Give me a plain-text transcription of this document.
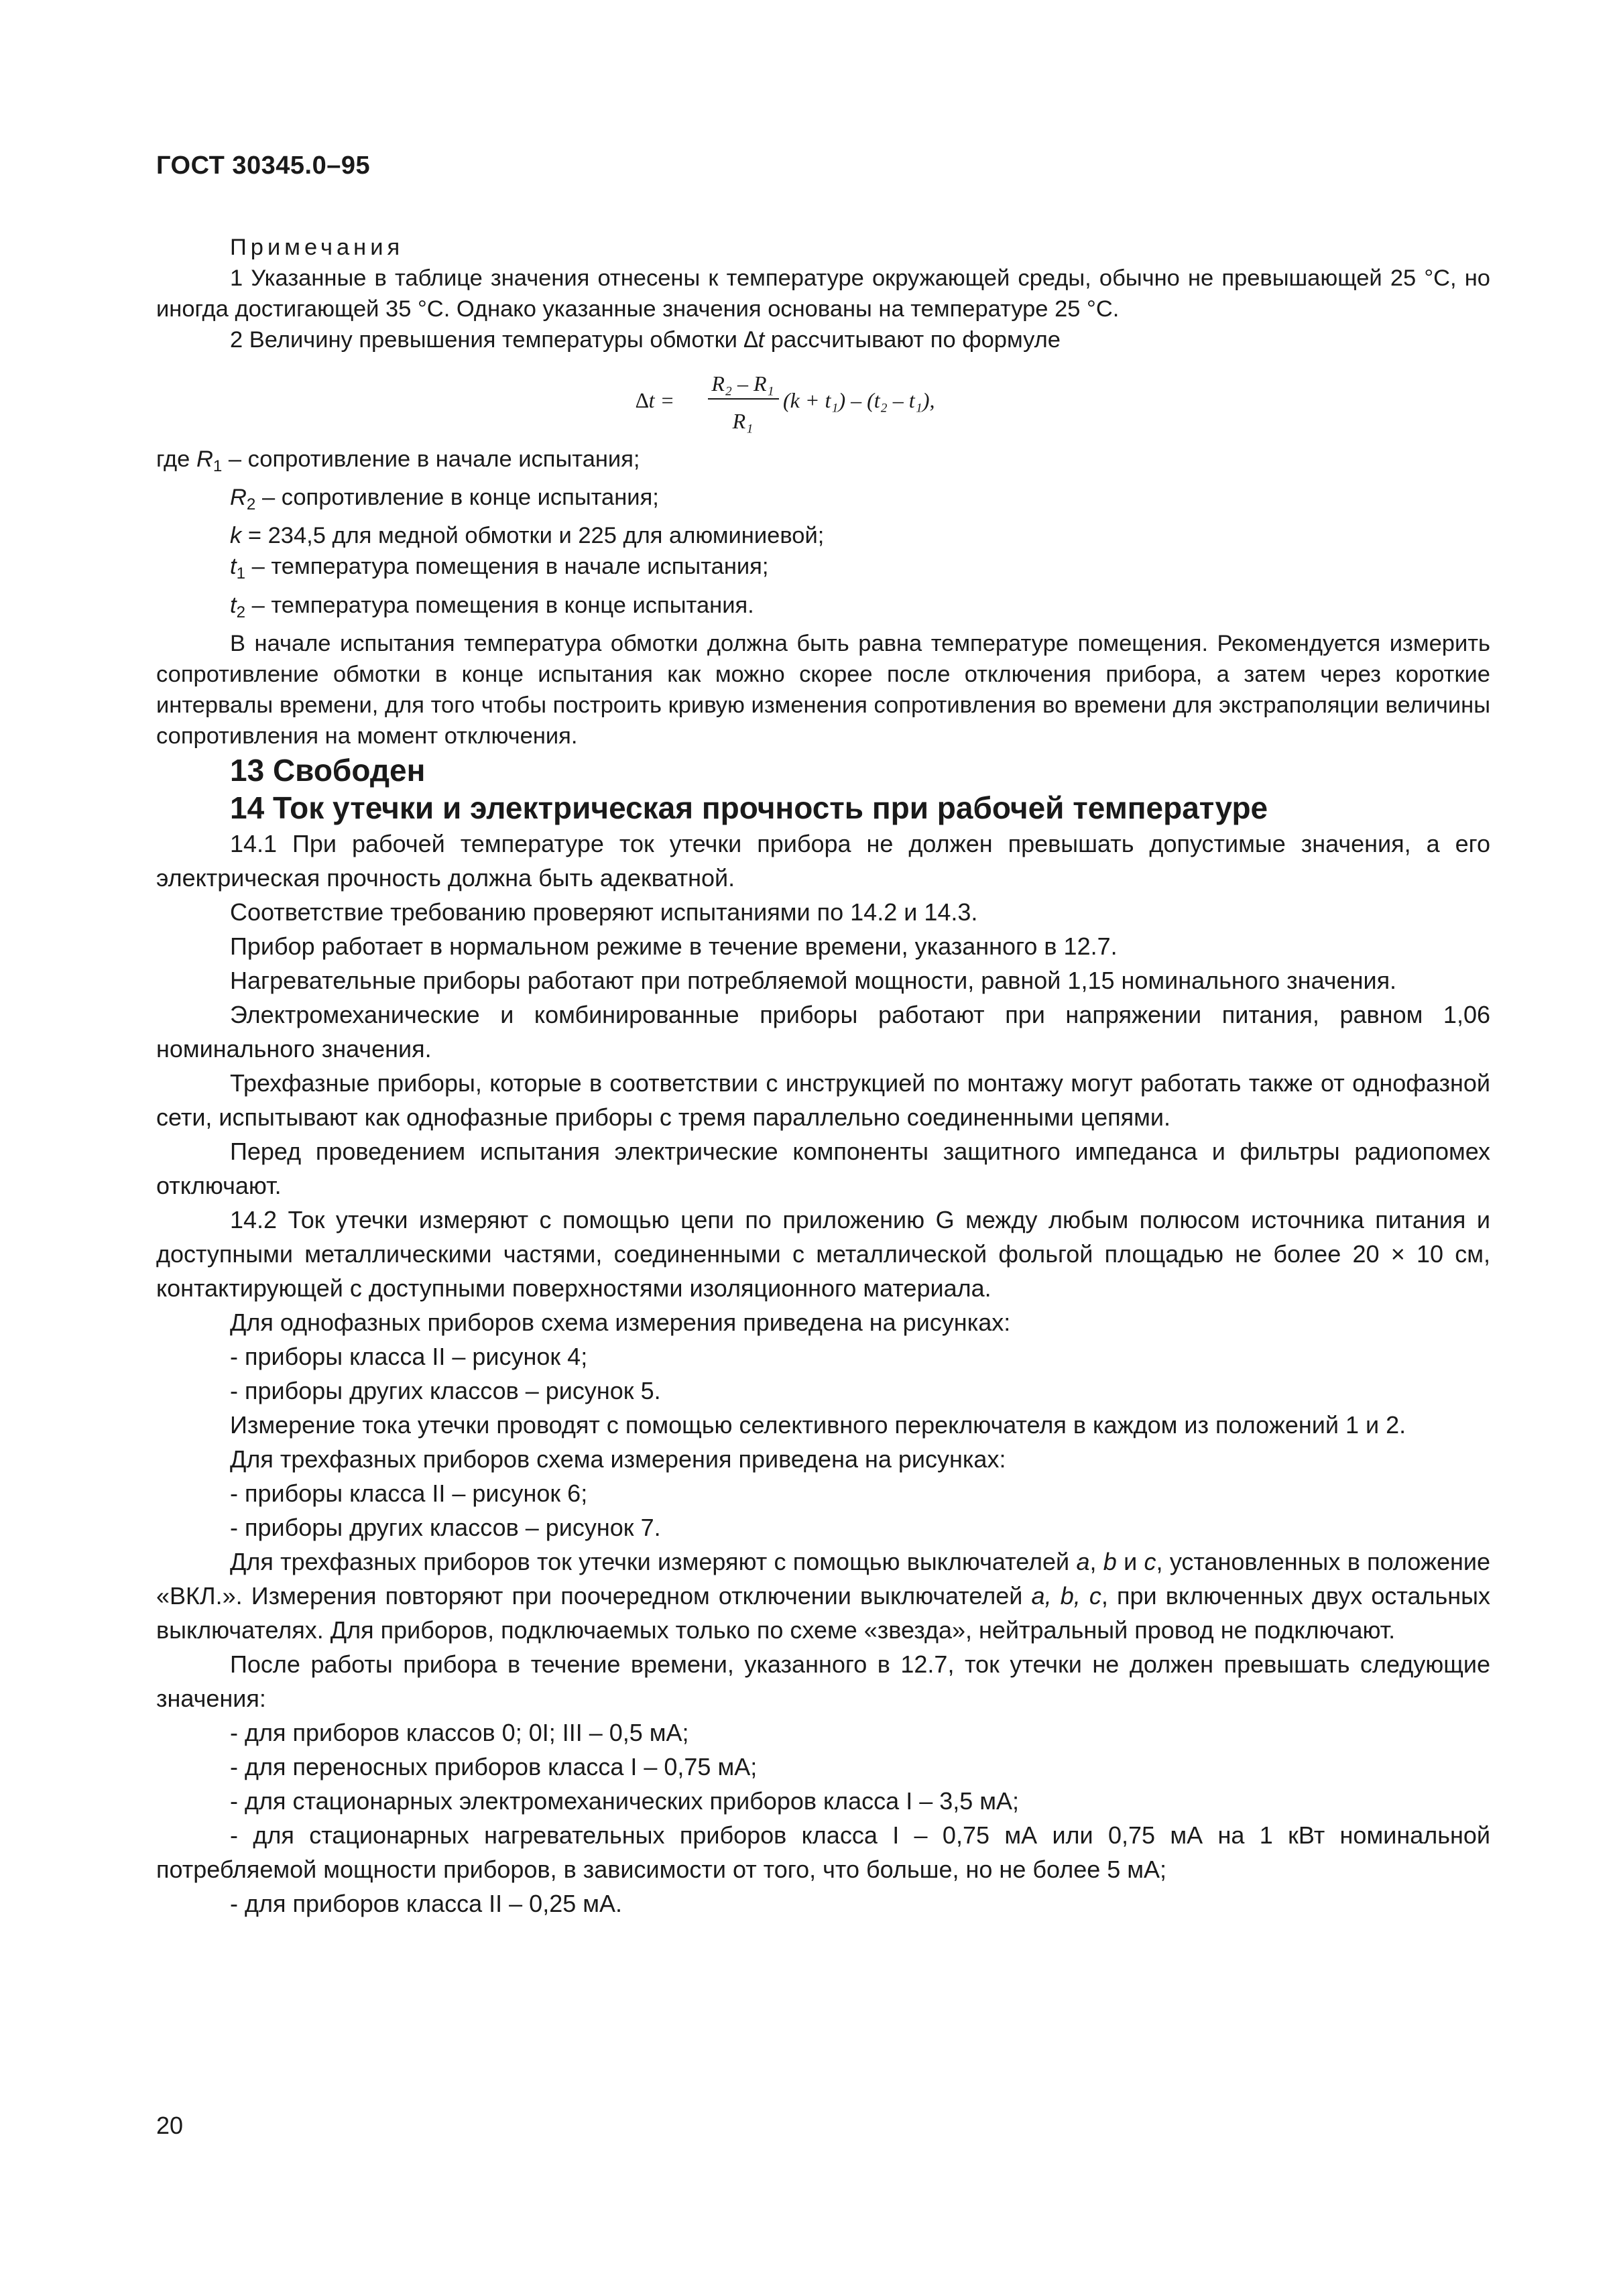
ГОСТ 30345.0–95

Примечания

1 Указанные в таблице значения отнесены к температуре окружающей среды, обычно не превышающей 25 °С, но иногда достигающей 35 °С. Однако указанные значения основаны на температуре 25 °С.

2 Величину превышения температуры обмотки ∆t рассчитывают по формуле

∆t =
R₂ – R₁
R₁
(k + t₁) – (t₂ – t₁),

где $R_1$ – сопротивление в начале испытания;

$R_2$ – сопротивление в конце испытания;

k = 234,5 для медной обмотки и 225 для алюминиевой;

$t_1$ – температура помещения в начале испытания;

$t_2$ – температура помещения в конце испытания.

В начале испытания температура обмотки должна быть равна температуре помещения. Рекомендуется измерить сопротивление обмотки в конце испытания как можно скорее после отключения прибора, а затем через короткие интервалы времени, для того чтобы построить кривую изменения сопротивления во времени для экстраполяции величины сопротивления на момент отключения.

13 Свободен
14 Ток утечки и электрическая прочность при рабочей температуре

14.1 При рабочей температуре ток утечки прибора не должен превышать допустимые значения, а его электрическая прочность должна быть адекватной.

Соответствие требованию проверяют испытаниями по 14.2 и 14.3.

Прибор работает в нормальном режиме в течение времени, указанного в 12.7.

Нагревательные приборы работают при потребляемой мощности, равной 1,15 номинального значения.

Электромеханические и комбинированные приборы работают при напряжении питания, равном 1,06 номинального значения.

Трехфазные приборы, которые в соответствии с инструкцией по монтажу могут работать также от однофазной сети, испытывают как однофазные приборы с тремя параллельно соединенными цепями.

Перед проведением испытания электрические компоненты защитного импеданса и фильтры радиопомех отключают.

14.2 Ток утечки измеряют с помощью цепи по приложению G между любым полюсом источника питания и доступными металлическими частями, соединенными с металлической фольгой площадью не более 20 × 10 см, контактирующей с доступными поверхностями изоляционного материала.

Для однофазных приборов схема измерения приведена на рисунках:

- приборы класса II – рисунок 4;

- приборы других классов – рисунок 5.

Измерение тока утечки проводят с помощью селективного переключателя в каждом из положений 1 и 2.

Для трехфазных приборов схема измерения приведена на рисунках:

- приборы класса II – рисунок 6;

- приборы других классов – рисунок 7.

Для трехфазных приборов ток утечки измеряют с помощью выключателей a, b и c, установленных в положение «ВКЛ.». Измерения повторяют при поочередном отключении выключателей a, b, c, при включенных двух остальных выключателях. Для приборов, подключаемых только по схеме «звезда», нейтральный провод не подключают.

После работы прибора в течение времени, указанного в 12.7, ток утечки не должен превышать следующие значения:

- для приборов классов 0; 0I; III – 0,5 мА;

- для переносных приборов класса I – 0,75 мА;

- для стационарных электромеханических приборов класса I – 3,5 мА;

- для стационарных нагревательных приборов класса I – 0,75 мА или 0,75 мА на 1 кВт номинальной потребляемой мощности приборов, в зависимости от того, что больше, но не более 5 мА;

- для приборов класса II – 0,25 мА.

20
